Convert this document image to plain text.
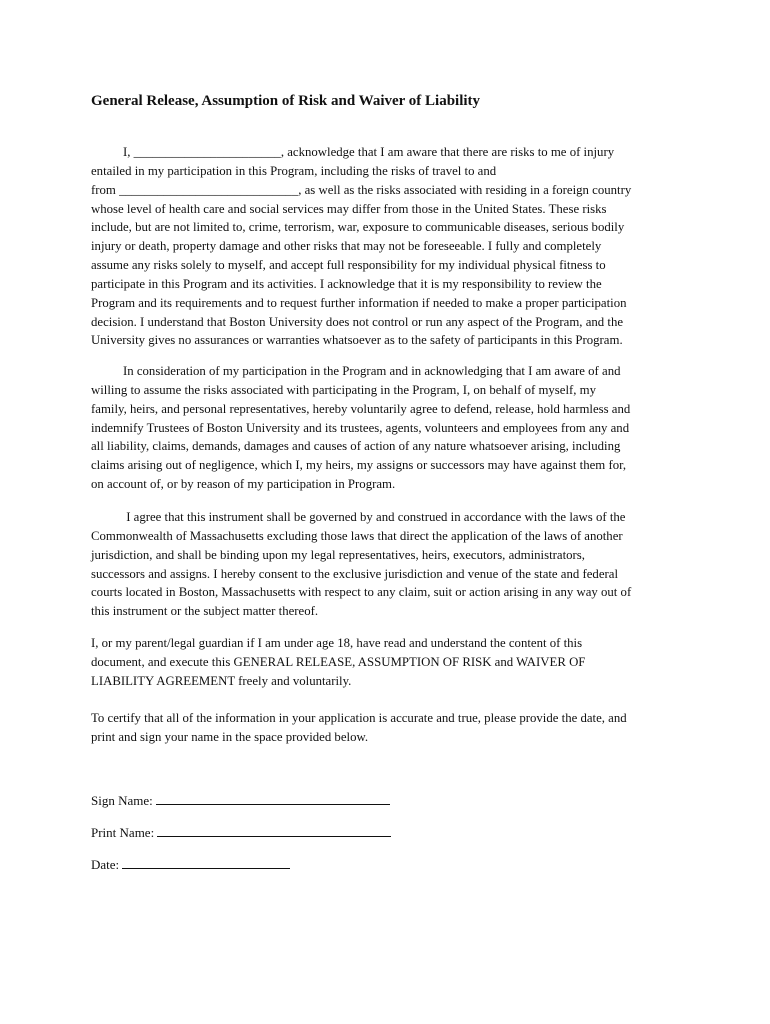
General Release, Assumption of Risk and Waiver of Liability
I, _______________________, acknowledge that I am aware that there are risks to me of injury
entailed in my participation in this Program, including the risks of travel to and
from ____________________________, as well as the risks associated with residing in a foreign country
whose level of health care and social services may differ from those in the United States. These risks
include, but are not limited to, crime, terrorism, war, exposure to communicable diseases, serious bodily
injury or death, property damage and other risks that may not be foreseeable. I fully and completely
assume any risks solely to myself, and accept full responsibility for my individual physical fitness to
participate in this Program and its activities. I acknowledge that it is my responsibility to review the
Program and its requirements and to request further information if needed to make a proper participation
decision. I understand that Boston University does not control or run any aspect of the Program, and the
University gives no assurances or warranties whatsoever as to the safety of participants in this Program.
In consideration of my participation in the Program and in acknowledging that I am aware of and
willing to assume the risks associated with participating in the Program, I, on behalf of myself, my
family, heirs, and personal representatives, hereby voluntarily agree to defend, release, hold harmless and
indemnify Trustees of Boston University and its trustees, agents, volunteers and employees from any and
all liability, claims, demands, damages and causes of action of any nature whatsoever arising, including
claims arising out of negligence, which I, my heirs, my assigns or successors may have against them for,
on account of, or by reason of my participation in Program.
I agree that this instrument shall be governed by and construed in accordance with the laws of the
Commonwealth of Massachusetts excluding those laws that direct the application of the laws of another
jurisdiction, and shall be binding upon my legal representatives, heirs, executors, administrators,
successors and assigns. I hereby consent to the exclusive jurisdiction and venue of the state and federal
courts located in Boston, Massachusetts with respect to any claim, suit or action arising in any way out of
this instrument or the subject matter thereof.
I, or my parent/legal guardian if I am under age 18, have read and understand the content of this
document, and execute this GENERAL RELEASE, ASSUMPTION OF RISK and WAIVER OF
LIABILITY AGREEMENT freely and voluntarily.
To certify that all of the information in your application is accurate and true, please provide the date, and
print and sign your name in the space provided below.
Sign Name:
Print Name:
Date:
